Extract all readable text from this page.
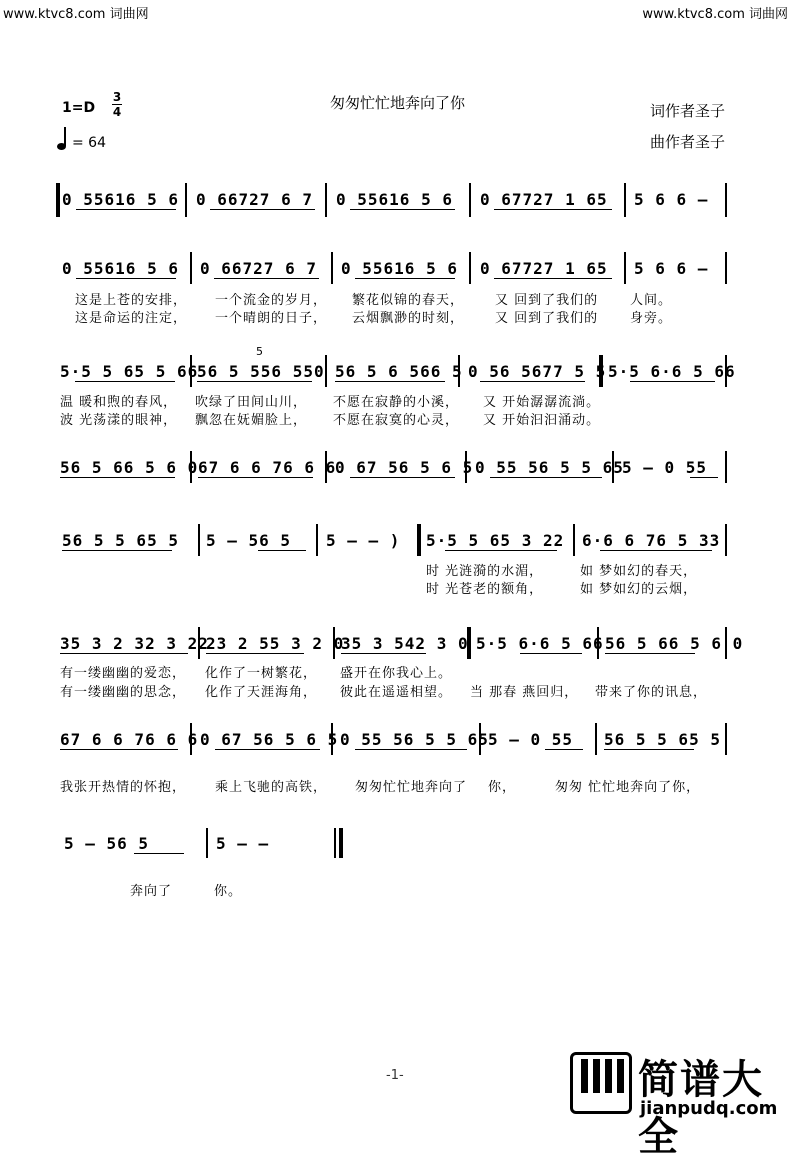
www.ktvc8.com 词曲网	www.ktvc8.com 词曲网
1=D
3
4
= 64
匆匆忙忙地奔向了你	词作者圣子
曲作者圣子
0 55616 5 6 0 66727 6 7 0 55616 5 6 0 67727 1 65 5 6 6 –
0 55616 5 6 0 66727 6 7 0 55616 5 6 0 67727 1 65 5 6 6 –
这是上苍的安排， 一个流金的岁月， 繁花似锦的春天， 又 回到了我们的 人间。
这是命运的注定， 一个晴朗的日子， 云烟飘渺的时刻， 又 回到了我们的 身旁。
5
5·5 5 65 5 66
56 5 556 550 56 5 6 566 5 0 56 5677 5 5 5·5 6·6 5 66
温 暖和煦的春风， 吹绿了田间山川， 不愿在寂静的小溪， 又 开始潺潺流淌。
波 光荡漾的眼神， 飘忽在妩媚脸上， 不愿在寂寞的心灵， 又 开始汩汩涌动。
56 5 66 5 6 0 67 6 6 76 6 6
0 67 56 5 6 5 0 55 56 5 5 65
5 – 0 55
56 5 5 65 5 5 – 56 5 5 – – ) 5·5 5 65 3 22 6·6 6 76 5 33
时 光涟漪的水湄，	如 梦如幻的春天，
时 光苍老的额角，	如 梦如幻的云烟，
35 3 2 32 3 22
23 2 55 3 2 0
35 3 542 3 0 5·5 6·6 5 66 56 5 66 5 6 0
有一缕幽幽的爱恋， 化作了一树繁花， 盛开在你我心上。
有一缕幽幽的思念， 化作了天涯海角， 彼此在遥遥相望。 当 那春 燕回归， 带来了你的讯息，
67 6 6 76 6 6 0 67 56 5 6 5 0 55 56 5 5 65 5 – 0 55 56 5 5 65 5
我张开热情的怀抱， 乘上飞驰的高铁， 匆匆忙忙地奔向了 你，	匆匆 忙忙地奔向了你，
5 – 56 5	5 – –
奔向了	你。
-1-	简谱大全
jianpudq.com
